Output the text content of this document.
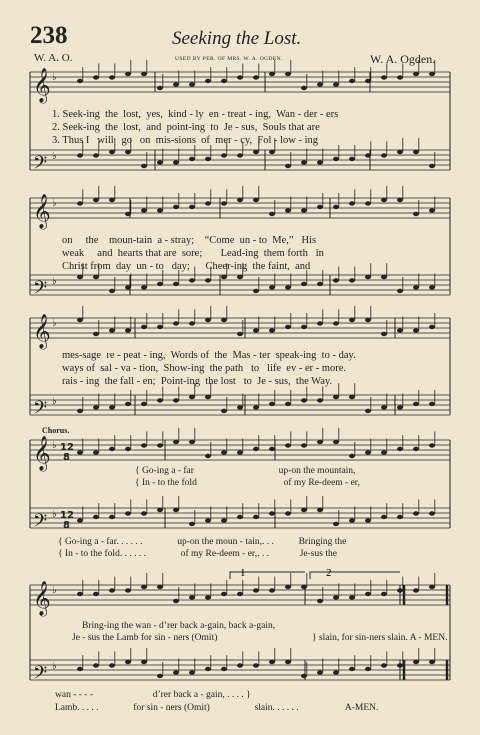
238	Seeking the Lost.
W. A. O.	USED BY PER. OF MRS. W. A. OGDEN.	W. A. Ogden.
𝄞
𝄢
𝄞
𝄢
𝄞
𝄢
𝄞
𝄢
𝄞
𝄢
♭
♭
♭
♭
♭
♭
♭
♭
♭
♭
12
8
12
8
1	2
1. Seek-ing the lost, yes, kind - ly en - treat - ing, Wan - der - ers
2. Seek-ing the lost, and point-ing to Je - sus, Souls that are
3. Thus I will go on mis-sions of mer - cy, Fol - low - ing
on the moun-tain a - stray; “Come un - to Me,” His
weak and hearts that are sore; Lead-ing them forth in
Christ from day un - to day; Cheer-ing the faint, and
mes-sage re - peat - ing, Words of the Mas - ter speak-ing to - day.
ways of sal - va - tion, Show-ing the path to life ev - er - more.
rais - ing the fall - en; Point-ing the lost to Je - sus, the Way.
Chorus.
{ Go-ing a - far	up-on the mountain,
{ In - to the fold	of my Re-deem - er,
{ Go-ing a - far. . . . . .	up-on the moun - tain,. . .	Bringing the
{ In - to the fold. . . . . .	of my Re-deem - er,. . .	Je-sus the
Bring-ing the wan - d’rer back a-gain, back a-gain,
Je - sus the Lamb for sin - ners (Omit)	} slain, for sin-ners slain. A - MEN.
wan - - - -	d’rer back a - gain, . . . . }
Lamb. . . . .	for sin - ners (Omit)	slain. . . . . .	A-MEN.
